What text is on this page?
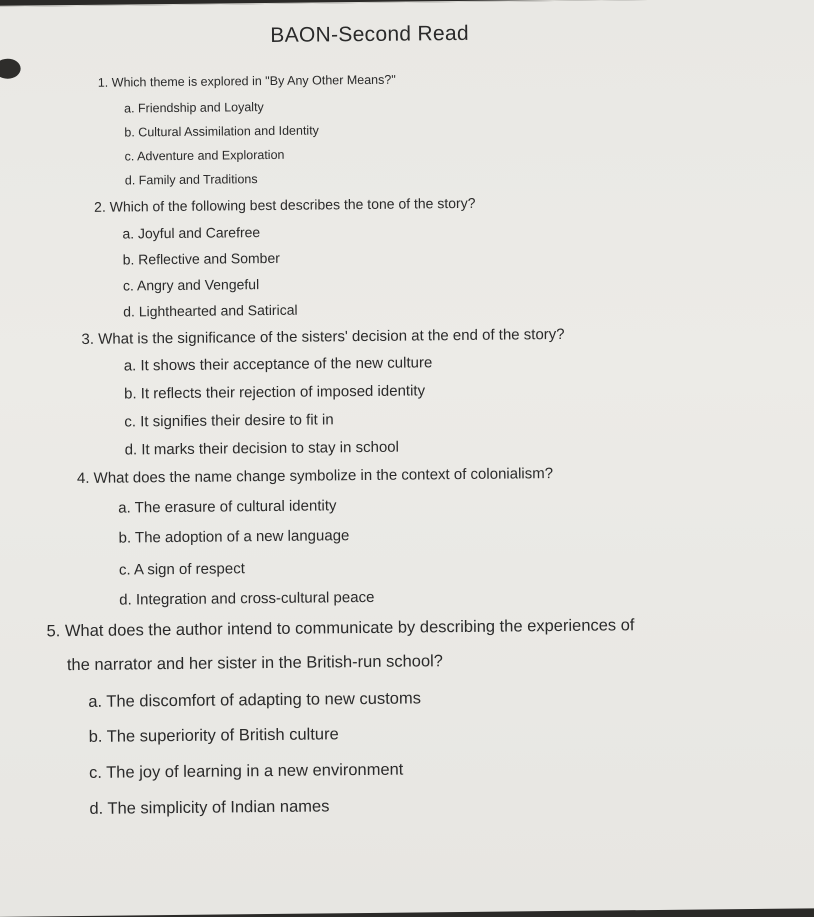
BAON-Second Read
1. Which theme is explored in "By Any Other Means?"
a. Friendship and Loyalty
b. Cultural Assimilation and Identity
c. Adventure and Exploration
d. Family and Traditions
2. Which of the following best describes the tone of the story?
a. Joyful and Carefree
b. Reflective and Somber
c. Angry and Vengeful
d. Lighthearted and Satirical
3. What is the significance of the sisters' decision at the end of the story?
a. It shows their acceptance of the new culture
b. It reflects their rejection of imposed identity
c. It signifies their desire to fit in
d. It marks their decision to stay in school
4. What does the name change symbolize in the context of colonialism?
a. The erasure of cultural identity
b. The adoption of a new language
c. A sign of respect
d. Integration and cross-cultural peace
5. What does the author intend to communicate by describing the experiences of
the narrator and her sister in the British-run school?
a. The discomfort of adapting to new customs
b. The superiority of British culture
c. The joy of learning in a new environment
d. The simplicity of Indian names
